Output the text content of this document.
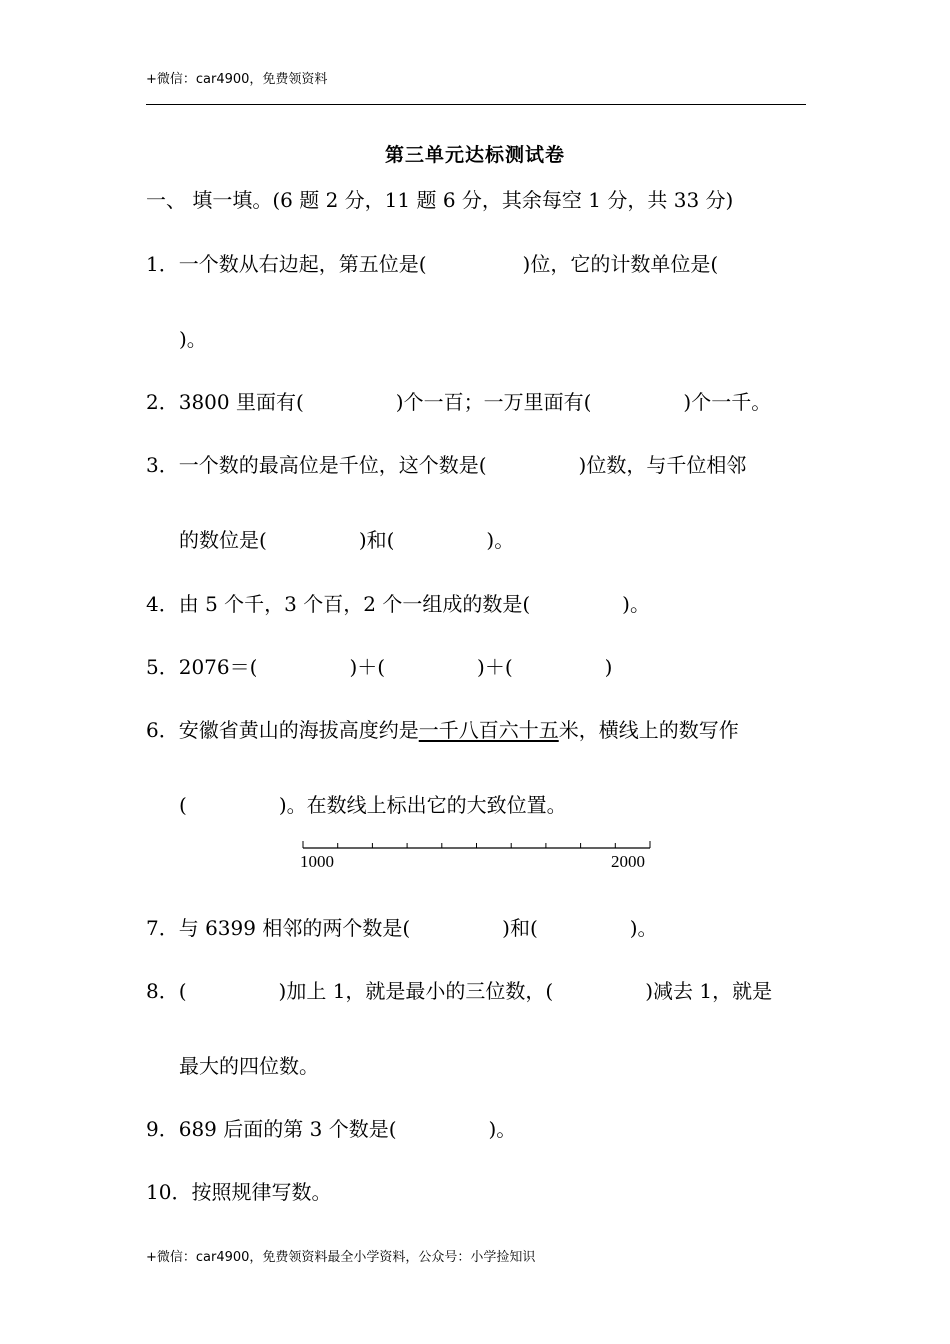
+微信：car4900，免费领资料
第三单元达标测试卷
一、 填一填。(6 题 2 分，11 题 6 分，其余每空 1 分，共 33 分)
1．一个数从右边起，第五位是(	)位，它的计数单位是(
)。
2．3800 里面有(	)个一百；一万里面有(	)个一千。
3．一个数的最高位是千位，这个数是(	)位数，与千位相邻
的数位是(	)和(	)。
4．由 5 个千，3 个百，2 个一组成的数是(	)。
5．2076＝(	)＋(	)＋(	)
6．安徽省黄山的海拔高度约是一千八百六十五米，横线上的数写作
(	)。在数线上标出它的大致位置。
1000	2000
7．与 6399 相邻的两个数是(	)和(	)。
8．(	)加上 1，就是最小的三位数，(	)减去 1，就是
最大的四位数。
9．689 后面的第 3 个数是(	)。
10．按照规律写数。
+微信：car4900，免费领资料最全小学资料，公众号：小学捡知识
